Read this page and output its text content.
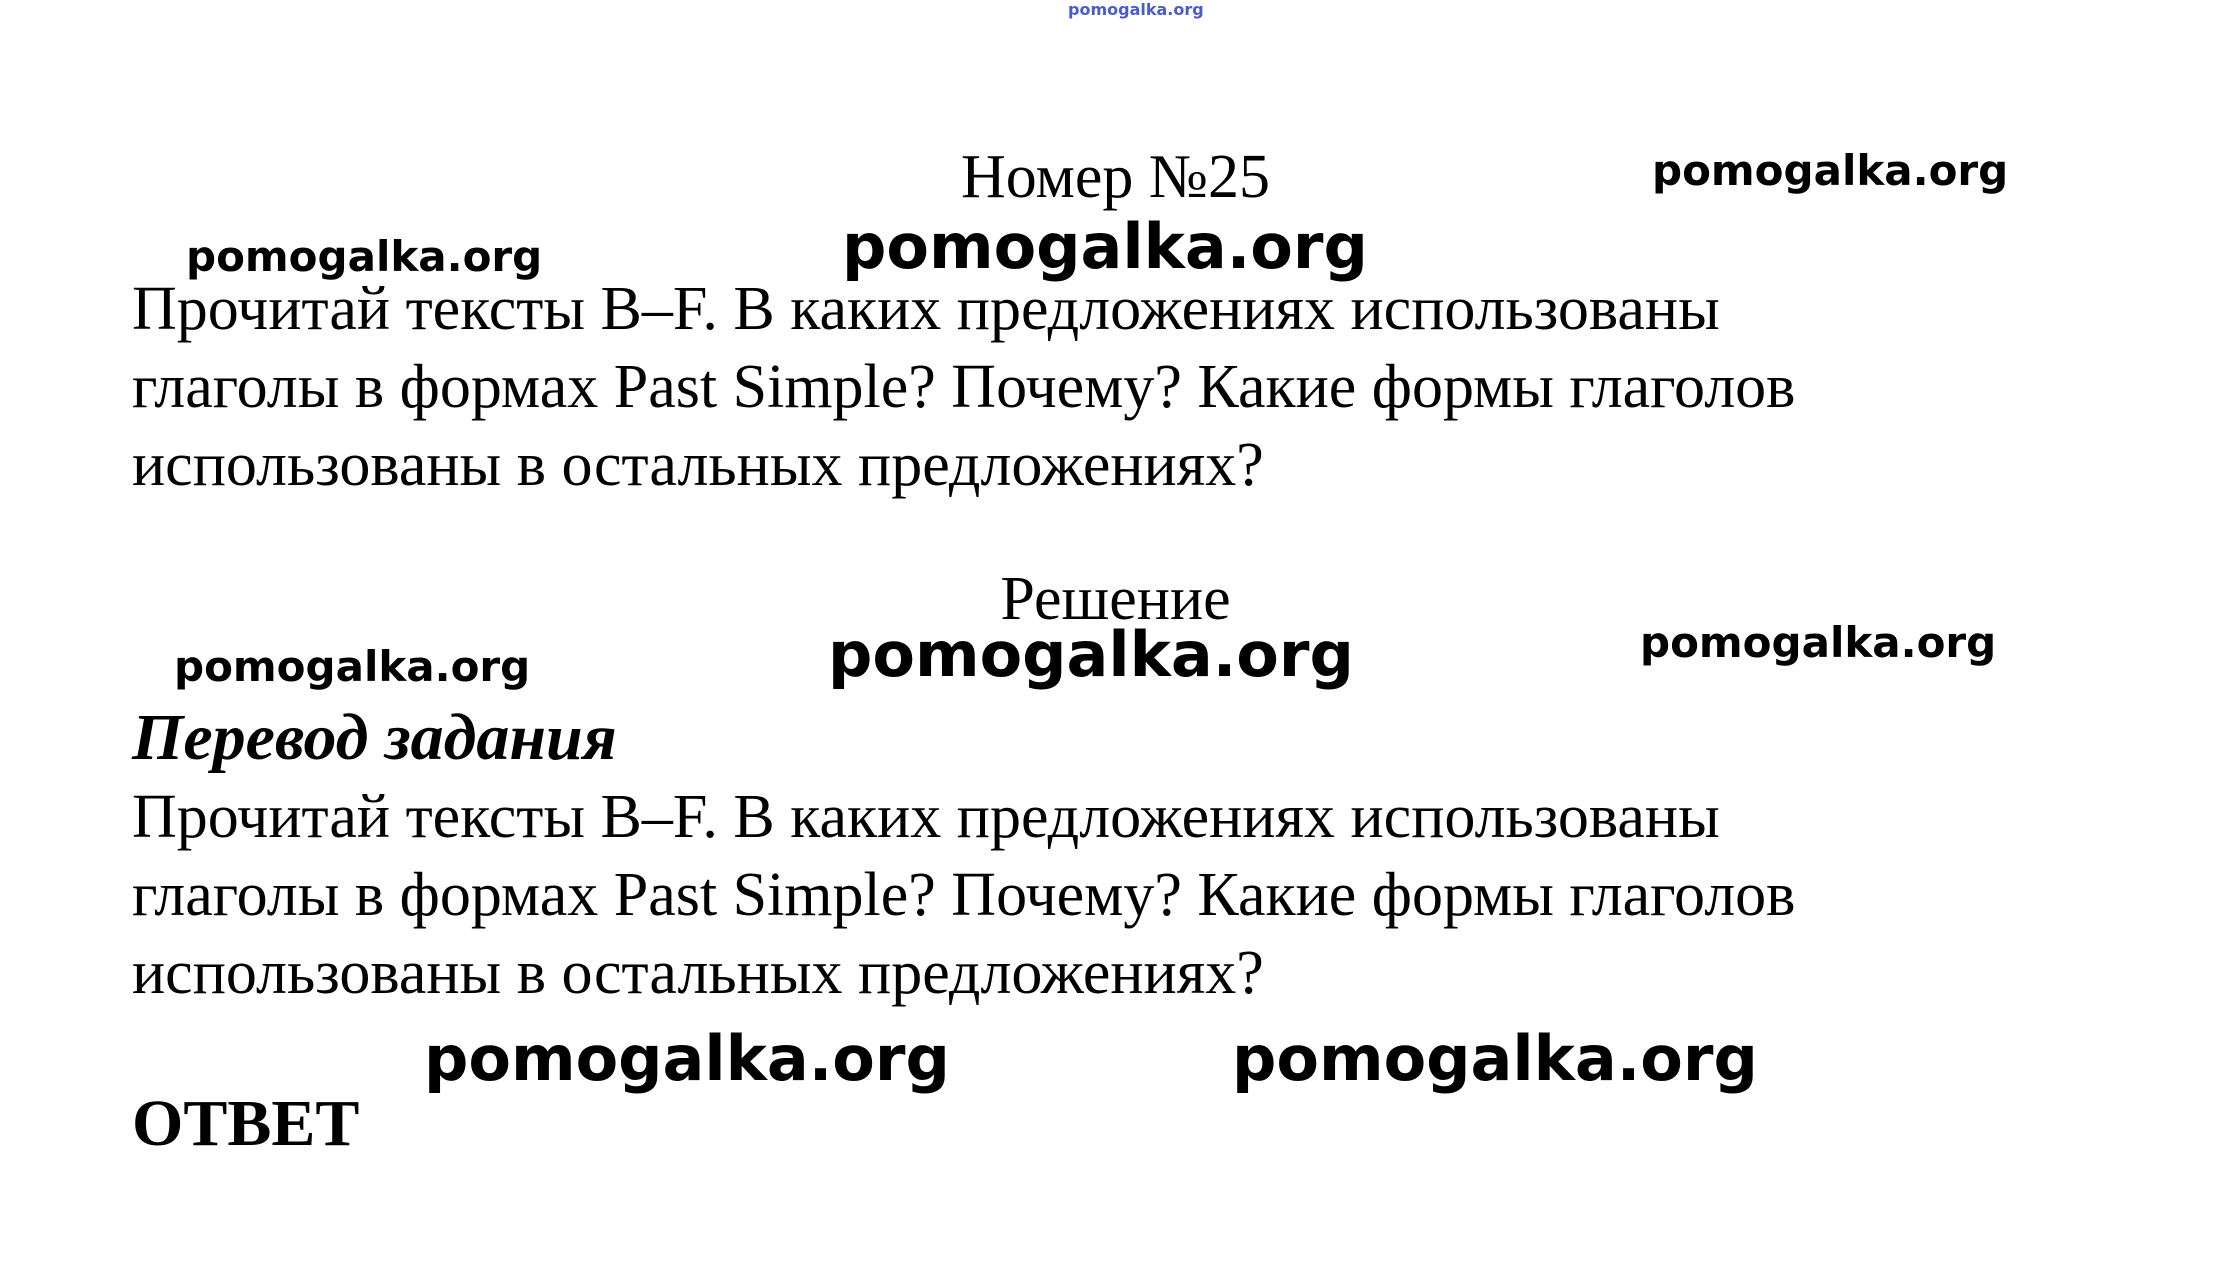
pomogalka.org
Номер №25	pomogalka.org
pomogalka.org	pomogalka.org
Прочитай тексты B–F. В каких предложениях использованы
глаголы в формах Past Simple? Почему? Какие формы глаголов
использованы в остальных предложениях?
Решение
pomogalka.org	pomogalka.org	pomogalka.org
Перевод задания
Прочитай тексты B–F. В каких предложениях использованы
глаголы в формах Past Simple? Почему? Какие формы глаголов
использованы в остальных предложениях?
pomogalka.org	pomogalka.org
ОТВЕТ
